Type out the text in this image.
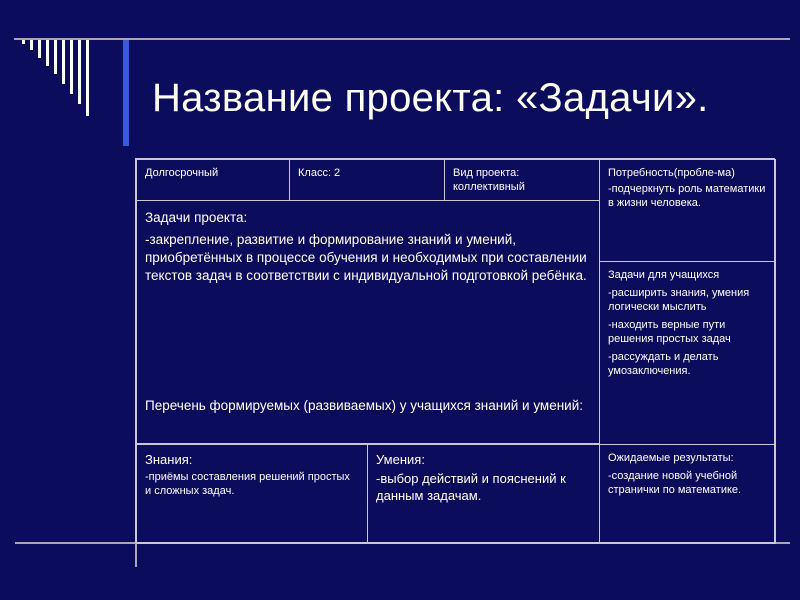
Название проекта: «Задачи».

Долгосрочный	Класс: 2	Вид проекта: коллективный

Потребность(пробле-ма)

-подчеркнуть роль математики в жизни человека.

Задачи проекта:

-закрепление, развитие и формирование знаний и умений, приобретённых в процессе обучения и необходимых при составлении текстов задач в соответствии с индивидуальной подготовкой ребёнка.

Перечень формируемых (развиваемых) у учащихся знаний и умений:

Задачи для учащихся

-расширить знания, умения логически мыслить

-находить верные пути решения простых задач

-рассуждать и делать умозаключения.

Знания:

-приёмы составления решений простых и сложных задач.

Умения:

-выбор действий и пояснений к данным задачам.

Ожидаемые результаты:

-создание новой учебной странички по математике.
